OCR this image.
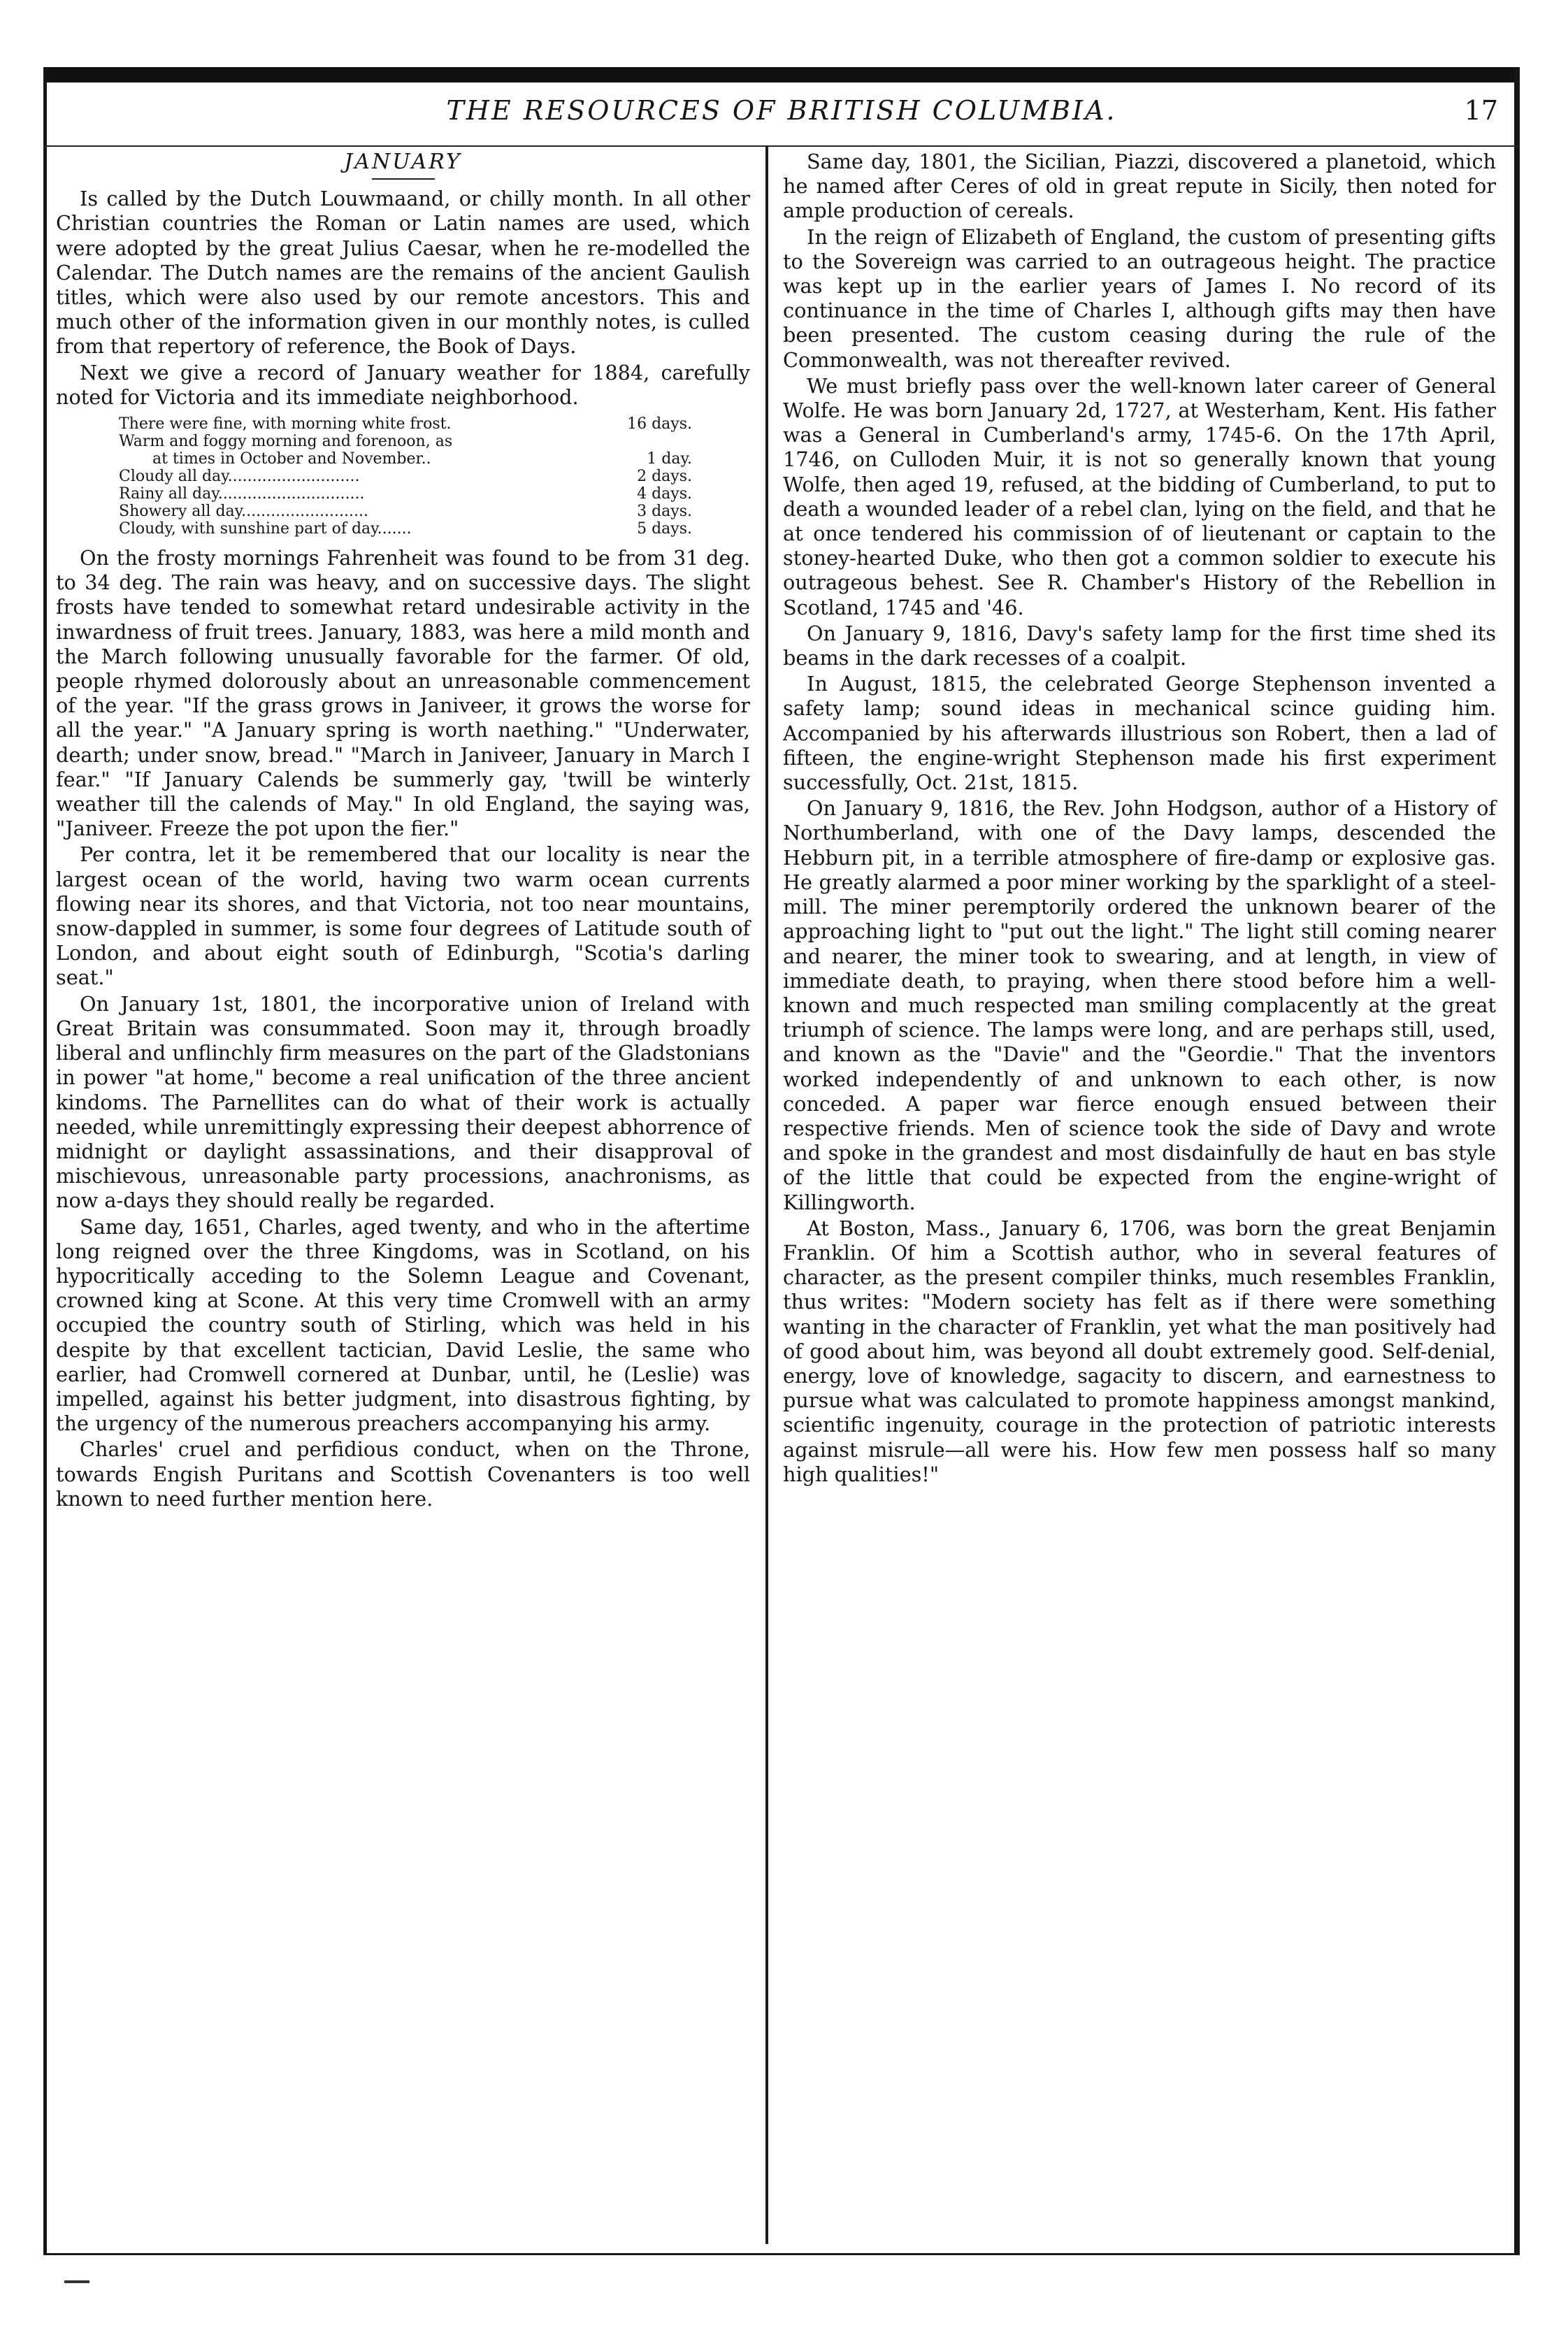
THE RESOURCES OF BRITISH COLUMBIA.	17
JANUARY

Is called by the Dutch Louwmaand, or chilly month. In all other Christian countries the Roman or Latin names are used, which were adopted by the great Julius Caesar, when he re-modelled the Calendar. The Dutch names are the remains of the ancient Gaulish titles, which were also used by our remote ancestors. This and much other of the information given in our monthly notes, is culled from that repertory of reference, the Book of Days.

Next we give a record of January weather for 1884, carefully noted for Victoria and its immediate neighborhood.

There were fine, with morning white frost.	16 days.
Warm and foggy morning and forenoon, as
at times in October and November..	1 day.
Cloudy all day...........................	2 days.
Rainy all day..............................	4 days.
Showery all day..........................	3 days.
Cloudy, with sunshine part of day.......	5 days.

On the frosty mornings Fahrenheit was found to be from 31 deg. to 34 deg. The rain was heavy, and on successive days. The slight frosts have tended to somewhat retard undesirable activity in the inwardness of fruit trees. January, 1883, was here a mild month and the March following unusually favorable for the farmer. Of old, people rhymed dolorously about an unreasonable commencement of the year. "If the grass grows in Janiveer, it grows the worse for all the year." "A January spring is worth naething." "Underwater, dearth; under snow, bread." "March in Janiveer, January in March I fear." "If January Calends be summerly gay, 'twill be winterly weather till the calends of May." In old England, the saying was, "Janiveer. Freeze the pot upon the fier."

Per contra, let it be remembered that our locality is near the largest ocean of the world, having two warm ocean currents flowing near its shores, and that Victoria, not too near mountains, snow-dappled in summer, is some four degrees of Latitude south of London, and about eight south of Edinburgh, "Scotia's darling seat."

On January 1st, 1801, the incorporative union of Ireland with Great Britain was consummated. Soon may it, through broadly liberal and unflinchly firm measures on the part of the Gladstonians in power "at home," become a real unification of the three ancient kindoms. The Parnellites can do what of their work is actually needed, while unremittingly expressing their deepest abhorrence of midnight or daylight assassinations, and their disapproval of mischievous, unreasonable party processions, anachronisms, as now a-days they should really be regarded.

Same day, 1651, Charles, aged twenty, and who in the aftertime long reigned over the three Kingdoms, was in Scotland, on his hypocritically acceding to the Solemn League and Covenant, crowned king at Scone. At this very time Cromwell with an army occupied the country south of Stirling, which was held in his despite by that excellent tactician, David Leslie, the same who earlier, had Cromwell cornered at Dunbar, until, he (Leslie) was impelled, against his better judgment, into disastrous fighting, by the urgency of the numerous preachers accompanying his army.

Charles' cruel and perfidious conduct, when on the Throne, towards Engish Puritans and Scottish Covenanters is too well known to need further mention here.

Same day, 1801, the Sicilian, Piazzi, discovered a planetoid, which he named after Ceres of old in great repute in Sicily, then noted for ample production of cereals.

In the reign of Elizabeth of England, the custom of presenting gifts to the Sovereign was carried to an outrageous height. The practice was kept up in the earlier years of James I. No record of its continuance in the time of Charles I, although gifts may then have been presented. The custom ceasing during the rule of the Commonwealth, was not thereafter revived.

We must briefly pass over the well-known later career of General Wolfe. He was born January 2d, 1727, at Westerham, Kent. His father was a General in Cumberland's army, 1745-6. On the 17th April, 1746, on Culloden Muir, it is not so generally known that young Wolfe, then aged 19, refused, at the bidding of Cumberland, to put to death a wounded leader of a rebel clan, lying on the field, and that he at once tendered his commission of of lieutenant or captain to the stoney-hearted Duke, who then got a common soldier to execute his outrageous behest. See R. Chamber's History of the Rebellion in Scotland, 1745 and '46.

On January 9, 1816, Davy's safety lamp for the first time shed its beams in the dark recesses of a coalpit.

In August, 1815, the celebrated George Stephenson invented a safety lamp; sound ideas in mechanical scince guiding him. Accompanied by his afterwards illustrious son Robert, then a lad of fifteen, the engine-wright Stephenson made his first experiment successfully, Oct. 21st, 1815.

On January 9, 1816, the Rev. John Hodgson, author of a History of Northumberland, with one of the Davy lamps, descended the Hebburn pit, in a terrible atmosphere of fire-damp or explosive gas. He greatly alarmed a poor miner working by the sparklight of a steel-mill. The miner peremptorily ordered the unknown bearer of the approaching light to "put out the light." The light still coming nearer and nearer, the miner took to swearing, and at length, in view of immediate death, to praying, when there stood before him a well-known and much respected man smiling complacently at the great triumph of science. The lamps were long, and are perhaps still, used, and known as the "Davie" and the "Geordie." That the inventors worked independently of and unknown to each other, is now conceded. A paper war fierce enough ensued between their respective friends. Men of science took the side of Davy and wrote and spoke in the grandest and most disdainfully de haut en bas style of the little that could be expected from the engine-wright of Killingworth.

At Boston, Mass., January 6, 1706, was born the great Benjamin Franklin. Of him a Scottish author, who in several features of character, as the present compiler thinks, much resembles Franklin, thus writes: "Modern society has felt as if there were something wanting in the character of Franklin, yet what the man positively had of good about him, was beyond all doubt extremely good. Self-denial, energy, love of knowledge, sagacity to discern, and earnestness to pursue what was calculated to promote happiness amongst mankind, scientific ingenuity, courage in the protection of patriotic interests against misrule—all were his. How few men possess half so many high qualities!"
